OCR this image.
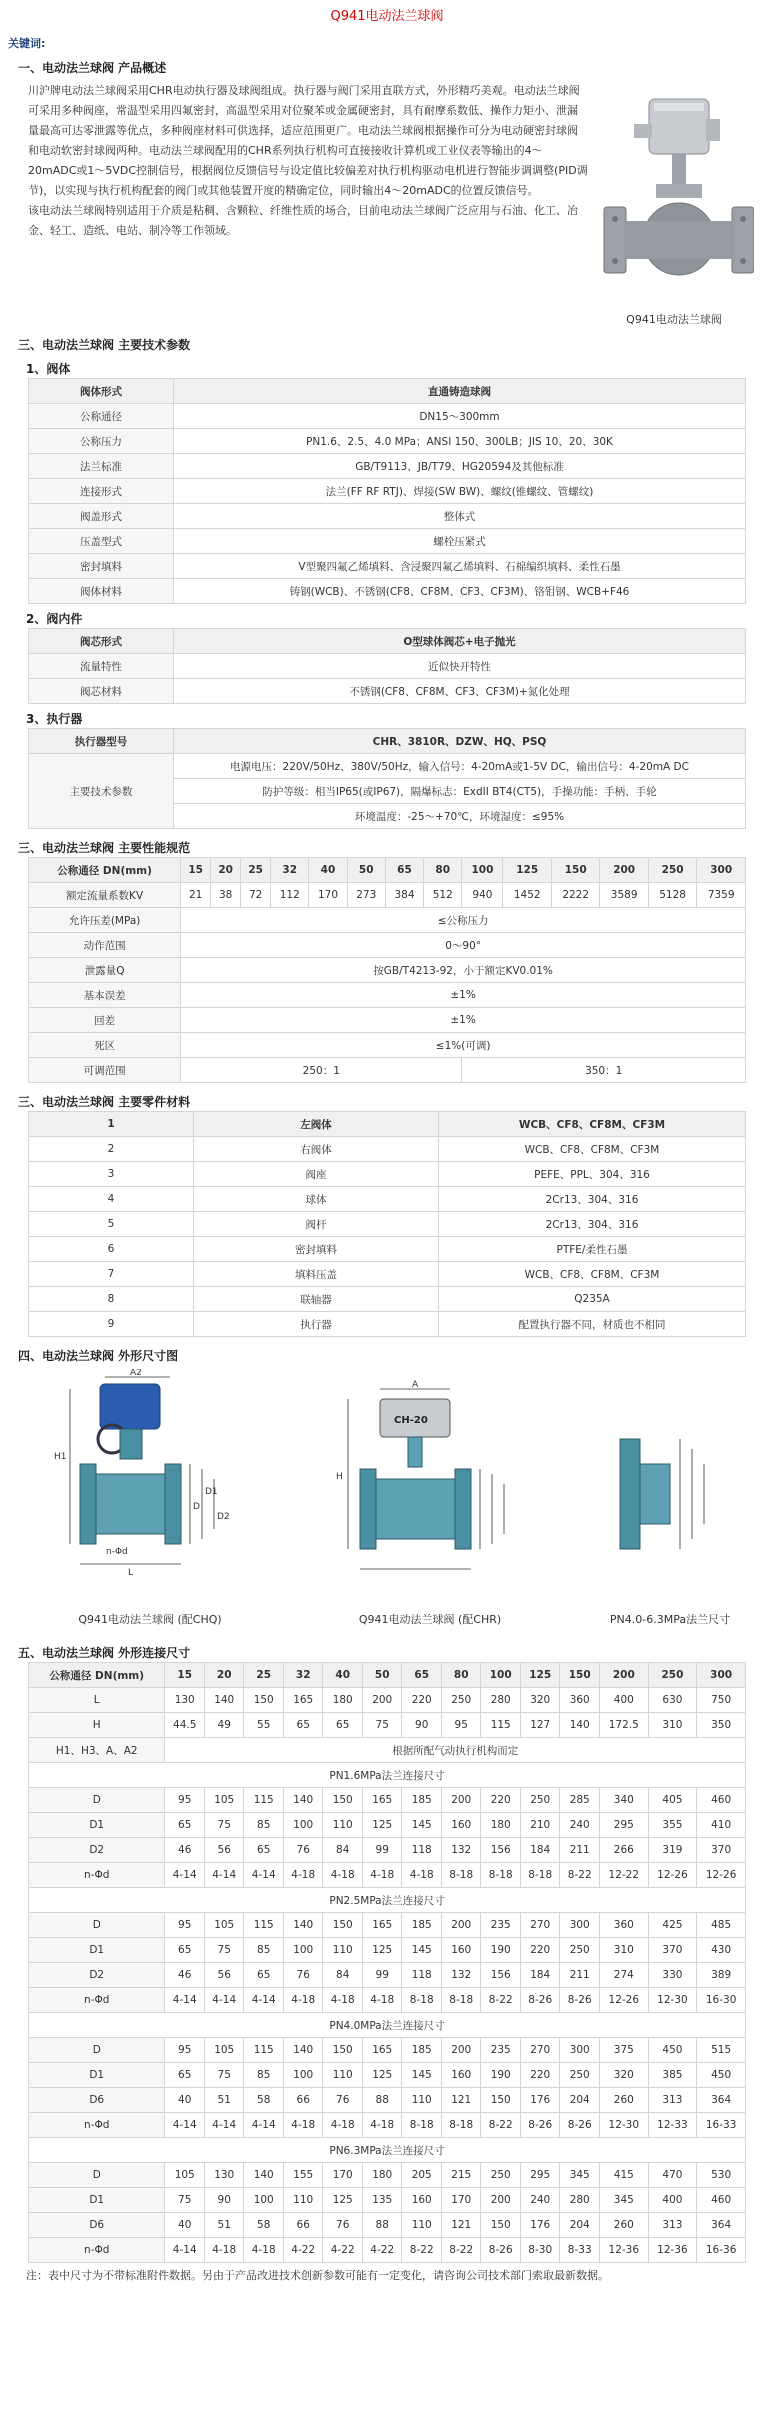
Q941电动法兰球阀
关键词:
一、电动法兰球阀 产品概述
川沪牌电动法兰球阀采用CHR电动执行器及球阀组成。执行器与阀门采用直联方式，外形精巧美观。电动法兰球阀可采用多种阀座，常温型采用四氟密封，高温型采用对位聚苯或金属硬密封，具有耐摩系数低、操作力矩小、泄漏量最高可达零泄露等优点，多种阀座材料可供选择，适应范围更广。电动法兰球阀根据操作可分为电动硬密封球阀和电动软密封球阀两种。电动法兰球阀配用的CHR系列执行机构可直接接收计算机或工业仪表等输出的4～20mADC或1～5VDC控制信号，根据阀位反馈信号与设定值比较偏差对执行机构驱动电机进行智能步调调整(PID调节)，以实现与执行机构配套的阀门或其他装置开度的精确定位，同时输出4～20mADC的位置反馈信号。
该电动法兰球阀特别适用于介质是粘稠、含颗粒、纤维性质的场合，目前电动法兰球阀广泛应用与石油、化工、冶金、轻工、造纸、电站、制冷等工作领域。
Q941电动法兰球阀
三、电动法兰球阀 主要技术参数
1、阀体
阀体形式	直通铸造球阀
公称通径	DN15～300mm
公称压力	PN1.6、2.5、4.0 MPa；ANSI 150、300LB；JIS 10、20、30K
法兰标准	GB/T9113、JB/T79、HG20594及其他标准
连接形式	法兰(FF RF RTJ)、焊接(SW BW)、螺纹(锥螺纹、管螺纹)
阀盖形式	整体式
压盖型式	螺栓压紧式
密封填料	V型聚四氟乙烯填料、含浸聚四氟乙烯填料、石棉编织填料、柔性石墨
阀体材料	铸钢(WCB)、不锈钢(CF8、CF8M、CF3、CF3M)、铬钼钢、WCB+F46
2、阀内件
阀芯形式	O型球体阀芯+电子抛光
流量特性	近似快开特性
阀芯材料	不锈钢(CF8、CF8M、CF3、CF3M)+氮化处理
3、执行器
执行器型号	CHR、3810R、DZW、HQ、PSQ
主要技术参数	电源电压：220V/50Hz、380V/50Hz，输入信号：4-20mA或1-5V DC，输出信号：4-20mA DC
	防护等级：相当IP65(或IP67)，隔爆标志：ExdII BT4(CT5)，手操功能：手柄、手轮
	环境温度：-25～+70℃，环境湿度：≤95%
三、电动法兰球阀 主要性能规范
公称通径 DN(mm)	15	20	25	32	40	50	65	80	100	125	150	200	250	300
额定流量系数KV	21	38	72	112	170	273	384	512	940	1452	2222	3589	5128	7359
允许压差(MPa)	≤公称压力													
动作范围	0～90°													
泄露量Q	按GB/T4213-92，小于额定KV0.01%													
基本误差	±1%													
回差	±1%													
死区	≤1%(可调)													
可调范围	250：1								350：1					
三、电动法兰球阀 主要零件材料
1	左阀体	WCB、CF8、CF8M、CF3M
2	右阀体	WCB、CF8、CF8M、CF3M
3	阀座	PEFE、PPL、304、316
4	球体	2Cr13、304、316
5	阀杆	2Cr13、304、316
6	密封填料	PTFE/柔性石墨
7	填料压盖	WCB、CF8、CF8M、CF3M
8	联轴器	Q235A
9	执行器	配置执行器不同，材质也不相同
四、电动法兰球阀 外形尺寸图
A2
H1
L
D
D1
D2
n-Φd
CH-20
A
H
Q941电动法兰球阀 (配CHQ)	Q941电动法兰球阀 (配CHR)	PN4.0-6.3MPa法兰尺寸
五、电动法兰球阀 外形连接尺寸
公称通径 DN(mm)	15	20	25	32	40	50	65	80	100	125	150	200	250	300
L	130	140	150	165	180	200	220	250	280	320	360	400	630	750
H	44.5	49	55	65	65	75	90	95	115	127	140	172.5	310	350
H1、H3、A、A2	根据所配气动执行机构而定													
PN1.6MPa法兰连接尺寸														
D	95	105	115	140	150	165	185	200	220	250	285	340	405	460
D1	65	75	85	100	110	125	145	160	180	210	240	295	355	410
D2	46	56	65	76	84	99	118	132	156	184	211	266	319	370
n-Φd	4-14	4-14	4-14	4-18	4-18	4-18	4-18	8-18	8-18	8-18	8-22	12-22	12-26	12-26
PN2.5MPa法兰连接尺寸														
D	95	105	115	140	150	165	185	200	235	270	300	360	425	485
D1	65	75	85	100	110	125	145	160	190	220	250	310	370	430
D2	46	56	65	76	84	99	118	132	156	184	211	274	330	389
n-Φd	4-14	4-14	4-14	4-18	4-18	4-18	8-18	8-18	8-22	8-26	8-26	12-26	12-30	16-30
PN4.0MPa法兰连接尺寸														
D	95	105	115	140	150	165	185	200	235	270	300	375	450	515
D1	65	75	85	100	110	125	145	160	190	220	250	320	385	450
D6	40	51	58	66	76	88	110	121	150	176	204	260	313	364
n-Φd	4-14	4-14	4-14	4-18	4-18	4-18	8-18	8-18	8-22	8-26	8-26	12-30	12-33	16-33
PN6.3MPa法兰连接尺寸														
D	105	130	140	155	170	180	205	215	250	295	345	415	470	530
D1	75	90	100	110	125	135	160	170	200	240	280	345	400	460
D6	40	51	58	66	76	88	110	121	150	176	204	260	313	364
n-Φd	4-14	4-18	4-18	4-22	4-22	4-22	8-22	8-22	8-26	8-30	8-33	12-36	12-36	16-36
注：表中尺寸为不带标准附件数据。另由于产品改进技术创新参数可能有一定变化，请咨询公司技术部门索取最新数据。
